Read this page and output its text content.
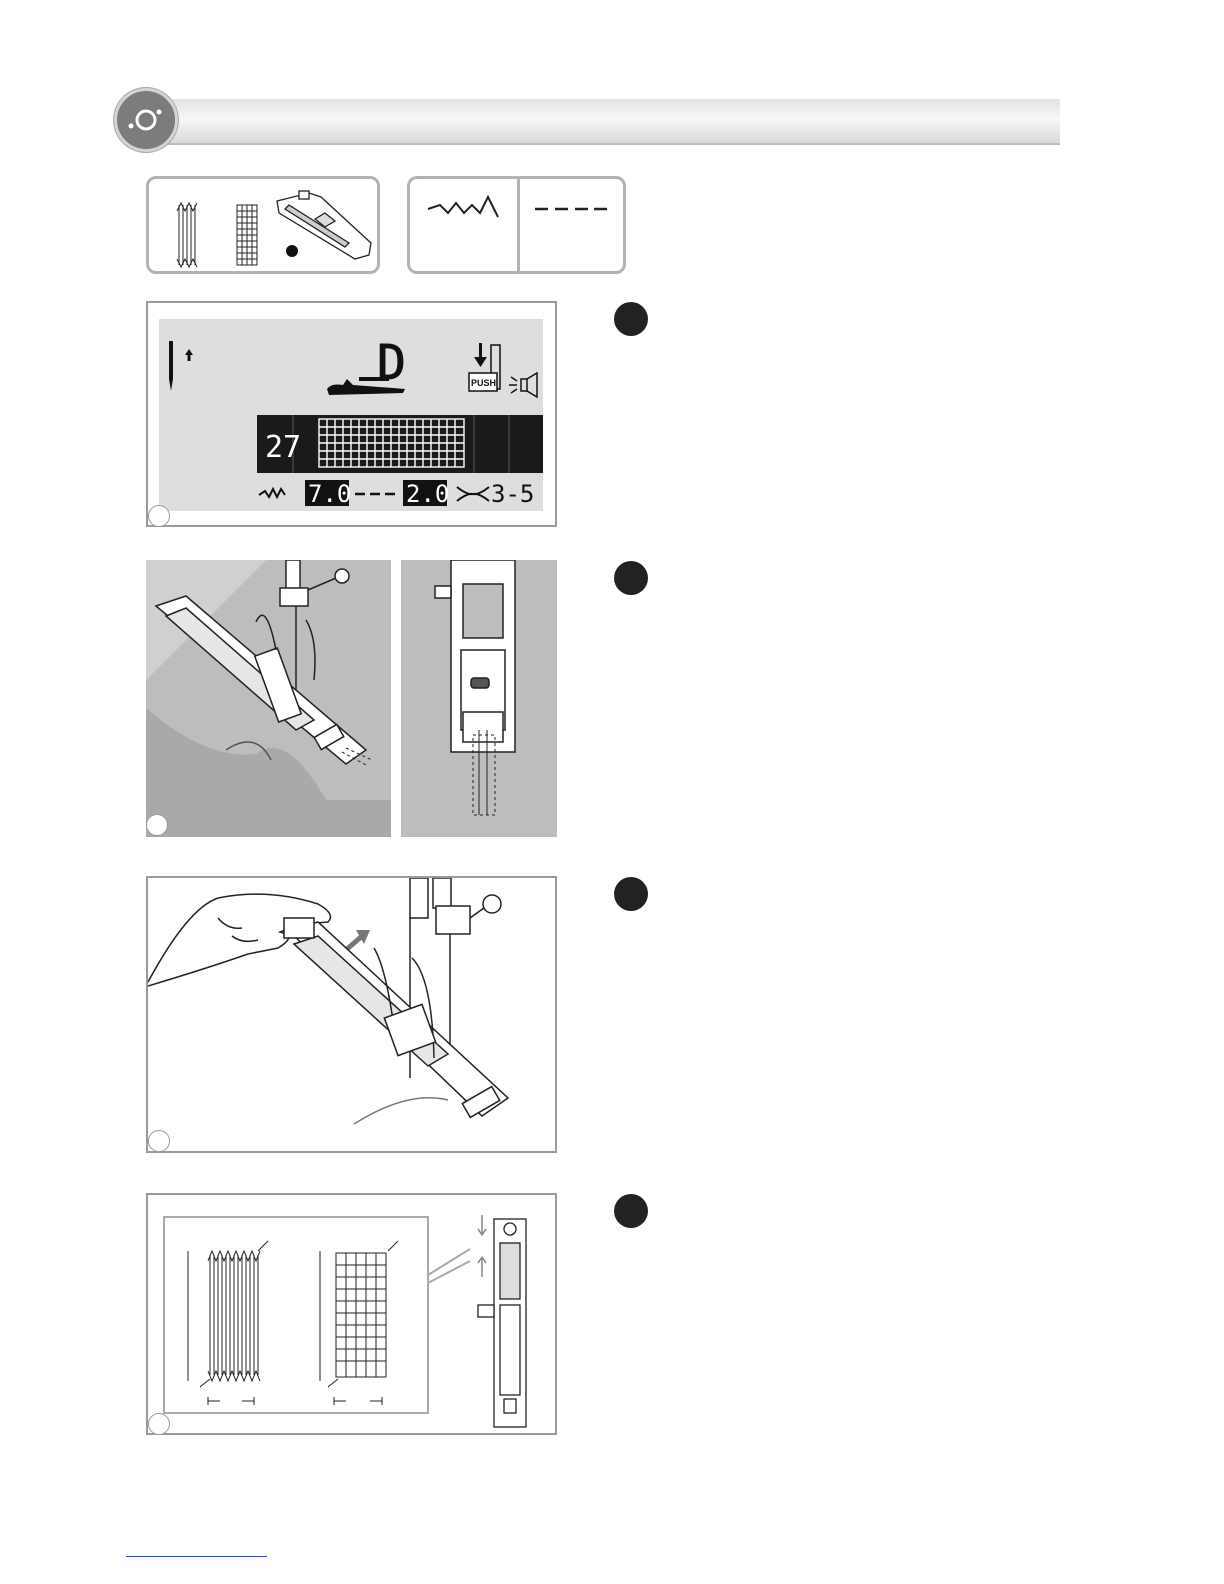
D	PUSH
27
7.0 2.0 3-5
